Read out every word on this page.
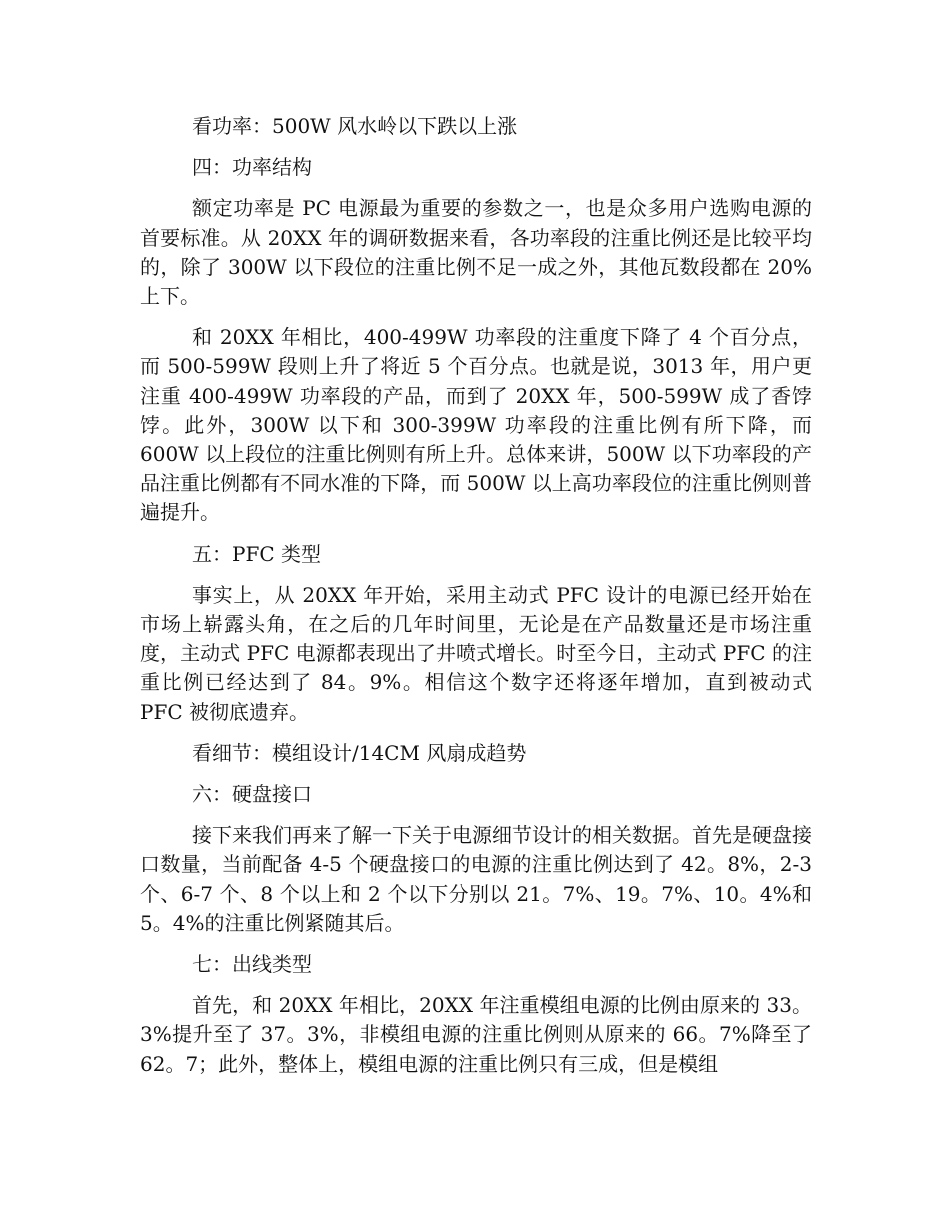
看功率：500W 风水岭以下跌以上涨

四：功率结构

额定功率是 PC 电源最为重要的参数之一，也是众多用户选购电源的首要标准。从 20XX 年的调研数据来看，各功率段的注重比例还是比较平均的，除了 300W 以下段位的注重比例不足一成之外，其他瓦数段都在 20%上下。

和 20XX 年相比，400-499W 功率段的注重度下降了 4 个百分点，而 500-599W 段则上升了将近 5 个百分点。也就是说，3013 年，用户更注重 400-499W 功率段的产品，而到了 20XX 年，500-599W 成了香饽饽。此外，300W 以下和 300-399W 功率段的注重比例有所下降，而 600W 以上段位的注重比例则有所上升。总体来讲，500W 以下功率段的产品注重比例都有不同水准的下降，而 500W 以上高功率段位的注重比例则普遍提升。

五：PFC 类型

事实上，从 20XX 年开始，采用主动式 PFC 设计的电源已经开始在市场上崭露头角，在之后的几年时间里，无论是在产品数量还是市场注重度，主动式 PFC 电源都表现出了井喷式增长。时至今日，主动式 PFC 的注重比例已经达到了 84。9%。相信这个数字还将逐年增加，直到被动式 PFC 被彻底遗弃。

看细节：模组设计/14CM 风扇成趋势

六：硬盘接口

接下来我们再来了解一下关于电源细节设计的相关数据。首先是硬盘接口数量，当前配备 4-5 个硬盘接口的电源的注重比例达到了 42。8%，2-3 个、6-7 个、8 个以上和 2 个以下分别以 21。7%、19。7%、10。4%和 5。4%的注重比例紧随其后。

七：出线类型

首先，和 20XX 年相比，20XX 年注重模组电源的比例由原来的 33。3%提升至了 37。3%，非模组电源的注重比例则从原来的 66。7%降至了 62。7；此外，整体上，模组电源的注重比例只有三成，但是模组
